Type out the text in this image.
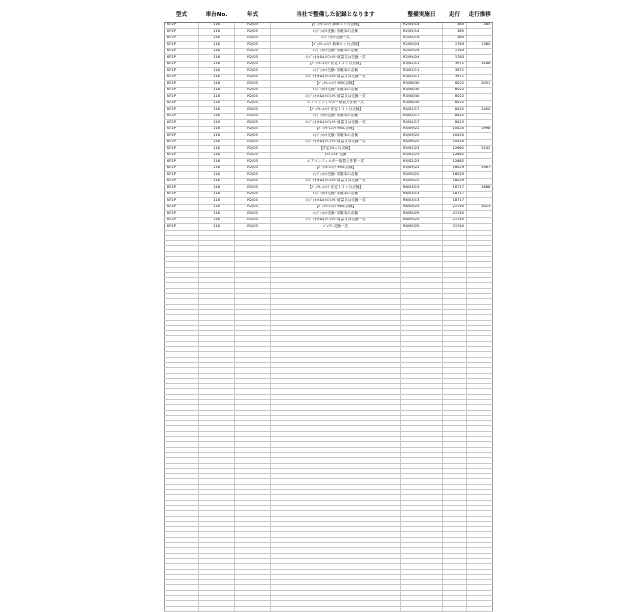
型式	車台No.	年式	当社で整備した記録となります	整備実施日	走行	走行推移
KF2P	116	R2/03	【ﾊﾞｯｸﾙｰﾑﾒﾝﾃ 新車１ヶ月点検】	R2/05/14	385	385
KF2P	116	R2/03	ｴﾝｼﾞﾝｵｲﾙ交換･市販本の点検	R2/05/14	385	
KF2P	116	R2/03	ｴﾝｼﾞﾝｵｲﾙ交換一式	R2/05/14	385	
KF2P	116	R2/03	【ﾊﾞｯｸﾙｰﾑﾒﾝﾃ 新車６ヶ月点検】	R2/09/24	1763	1380
KF2P	116	R2/03	ｴﾝｼﾞﾝｵｲﾙ交換･市販本の点検	R2/09/24	1763	
KF2P	116	R2/03	ｴﾝｼﾞﾝｵｲﾙ&ｵｲﾙﾌｨﾙﾀｰ前量又は交換一式	R2/09/24	1763	
KF2P	116	R2/03	【ﾊﾞｯｸﾙｰﾑﾒﾝﾃ 法定１２ヶ月点検】	R3/02/11	3971	3188
KF2P	116	R2/03	ｴﾝｼﾞﾝｵｲﾙ交換･市販本の点検	R3/02/11	3971	
KF2P	116	R2/03	ｴﾝｼﾞﾝｵｲﾙ&ｵｲﾙﾌｨﾙﾀｰ前量又は交換一式	R3/02/11	3971	
KF2P	116	R2/03	【ﾊﾞｯｸﾙｰﾑﾒﾝﾃ MSC点検】	R3/08/30	6022	2051
KF2P	116	R2/03	ｴﾝｼﾞﾝｵｲﾙ交換･市販本の点検	R3/08/30	6022	
KF2P	116	R2/03	ｴﾝｼﾞﾝｵｲﾙ&ｵｲﾙﾌｨﾙﾀｰ前量又は交換一式	R3/08/30	6022	
KF2P	116	R2/03	エアコンフィルター取替え作業一式	R3/08/30	6022	
KF2P	116	R2/03	【ﾊﾞｯｸﾙｰﾑﾒﾝﾃ 法定１２ヶ月点検】	R4/02/17	8422	2400
KF2P	116	R2/03	ｴﾝｼﾞﾝｵｲﾙ交換･市販本の点検	R4/02/17	8422	
KF2P	116	R2/03	ｴﾝｼﾞﾝｵｲﾙ&ｵｲﾙﾌｨﾙﾀｰ前量又は交換一式	R4/02/17	8422	
KF2P	116	R2/03	【ﾊﾞｯｸﾙｰﾑﾒﾝﾃ MSC点検】	R4/09/22	10420	1998
KF2P	116	R2/03	ｴﾝｼﾞﾝｵｲﾙ交換･市販本の点検	R4/09/22	10420	
KF2P	116	R2/03	ｴﾝｼﾞﾝｵｲﾙ&ｵｲﾙﾌｨﾙﾀｰ前量又は交換一式	R4/09/22	10420	
KF2P	116	R2/03	【法定24ヵ月点検】	R5/02/23	12662	2242
KF2P	116	R2/03	ｵｲﾙﾌｨﾙﾀｰ交換	R5/02/23	12662	
KF2P	116	R2/03	エアコンフィルター取替え作業一式	R5/02/23	12662	
KF2P	116	R2/03	【ﾊﾞｯｸﾙｰﾑﾒﾝﾃ MSC点検】	R5/09/22	16029	3367
KF2P	116	R2/03	ｴﾝｼﾞﾝｵｲﾙ交換･市販本の点検	R5/09/22	16029	
KF2P	116	R2/03	ｴﾝｼﾞﾝｵｲﾙ&ｵｲﾙﾌｨﾙﾀｰ前量又は交換一式	R5/09/22	16029	
KF2P	116	R2/03	【ﾊﾞｯｸﾙｰﾑﾒﾝﾃ 法定１２ヶ月点検】	R6/03/13	18717	2688
KF2P	116	R2/03	ｴﾝｼﾞﾝｵｲﾙ交換･市販本の点検	R6/03/13	18717	
KF2P	116	R2/03	ｴﾝｼﾞﾝｵｲﾙ&ｵｲﾙﾌｨﾙﾀｰ前量又は交換一式	R6/03/13	18717	
KF2P	116	R2/03	【ﾊﾞｯｸﾙｰﾑﾒﾝﾃ MSC点検】	R6/09/25	21740	3023
KF2P	116	R2/03	ｴﾝｼﾞﾝｵｲﾙ交換･市販本の点検	R6/09/25	21740	
KF2P	116	R2/03	ｴﾝｼﾞﾝｵｲﾙ&ｵｲﾙﾌｨﾙﾀｰ前量又は交換一式	R6/09/25	21740	
KF2P	116	R2/03	ﾊﾞｯﾃﾘｰ交換一式	R6/09/25	21740	
